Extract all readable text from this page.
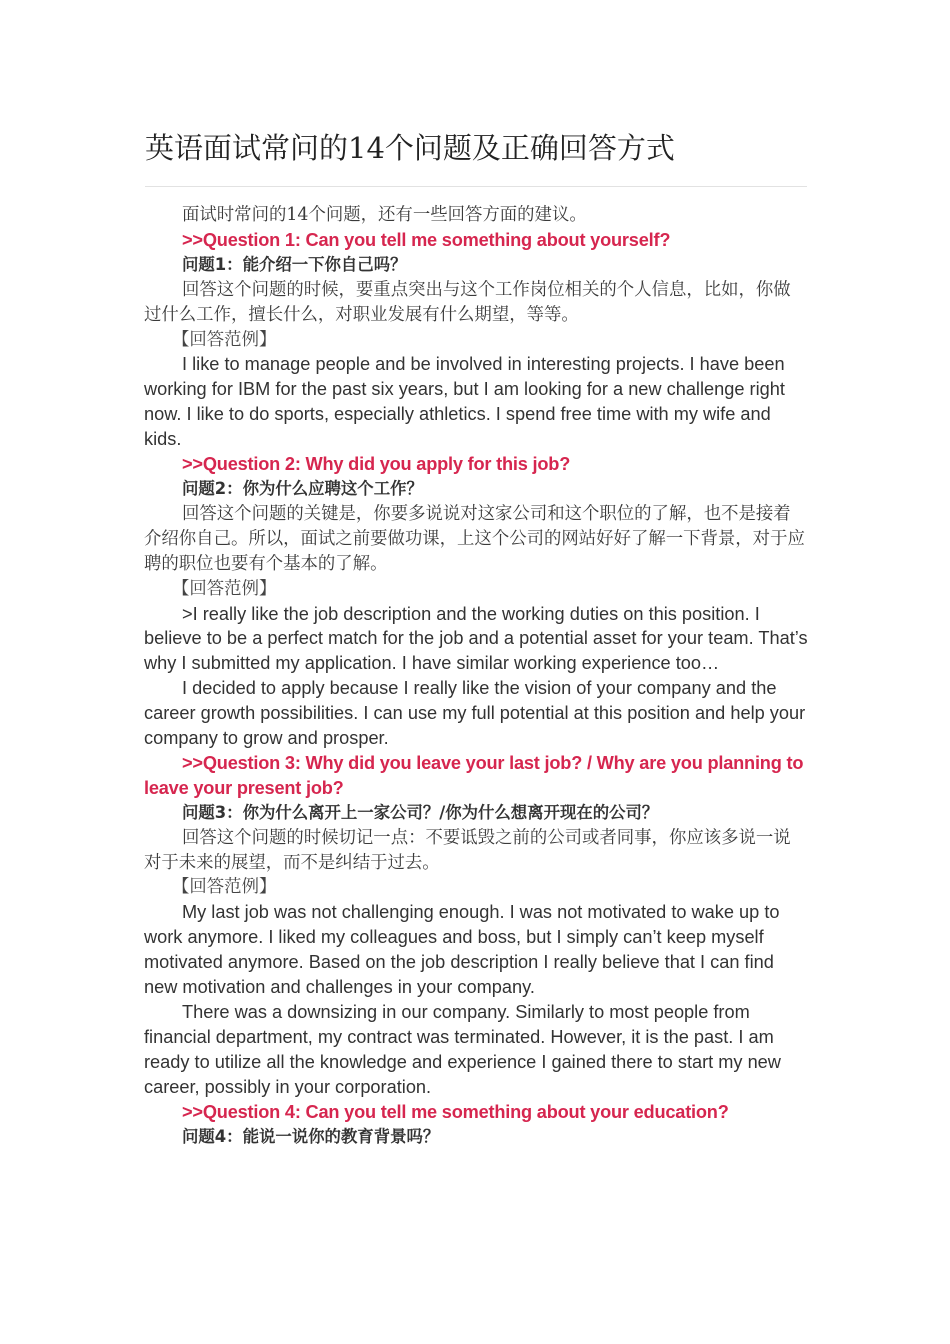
英语面试常问的14个问题及正确回答方式

面试时常问的14个问题，还有一些回答方面的建议。

>>Question 1: Can you tell me something about yourself?

问题1：能介绍一下你自己吗？

回答这个问题的时候，要重点突出与这个工作岗位相关的个人信息，比如，你做过什么工作，擅长什么，对职业发展有什么期望，等等。

【回答范例】

I like to manage people and be involved in interesting projects. I have been working for IBM for the past six years, but I am looking for a new challenge right now. I like to do sports, especially athletics. I spend free time with my wife and kids.

>>Question 2: Why did you apply for this job?

问题2：你为什么应聘这个工作？

回答这个问题的关键是，你要多说说对这家公司和这个职位的了解，也不是接着介绍你自己。所以，面试之前要做功课，上这个公司的网站好好了解一下背景，对于应聘的职位也要有个基本的了解。

【回答范例】

>I really like the job description and the working duties on this position. I believe to be a perfect match for the job and a potential asset for your team. That’s why I submitted my application. I have similar working experience too…

I decided to apply because I really like the vision of your company and the career growth possibilities. I can use my full potential at this position and help your company to grow and prosper.

>>Question 3: Why did you leave your last job? / Why are you planning to leave your present job?

问题3：你为什么离开上一家公司？/你为什么想离开现在的公司？

回答这个问题的时候切记一点：不要诋毁之前的公司或者同事，你应该多说一说对于未来的展望，而不是纠结于过去。

【回答范例】

My last job was not challenging enough. I was not motivated to wake up to work anymore. I liked my colleagues and boss, but I simply can’t keep myself motivated anymore. Based on the job description I really believe that I can find new motivation and challenges in your company.

There was a downsizing in our company. Similarly to most people from financial department, my contract was terminated. However, it is the past. I am ready to utilize all the knowledge and experience I gained there to start my new career, possibly in your corporation.

>>Question 4: Can you tell me something about your education?

问题4：能说一说你的教育背景吗？
